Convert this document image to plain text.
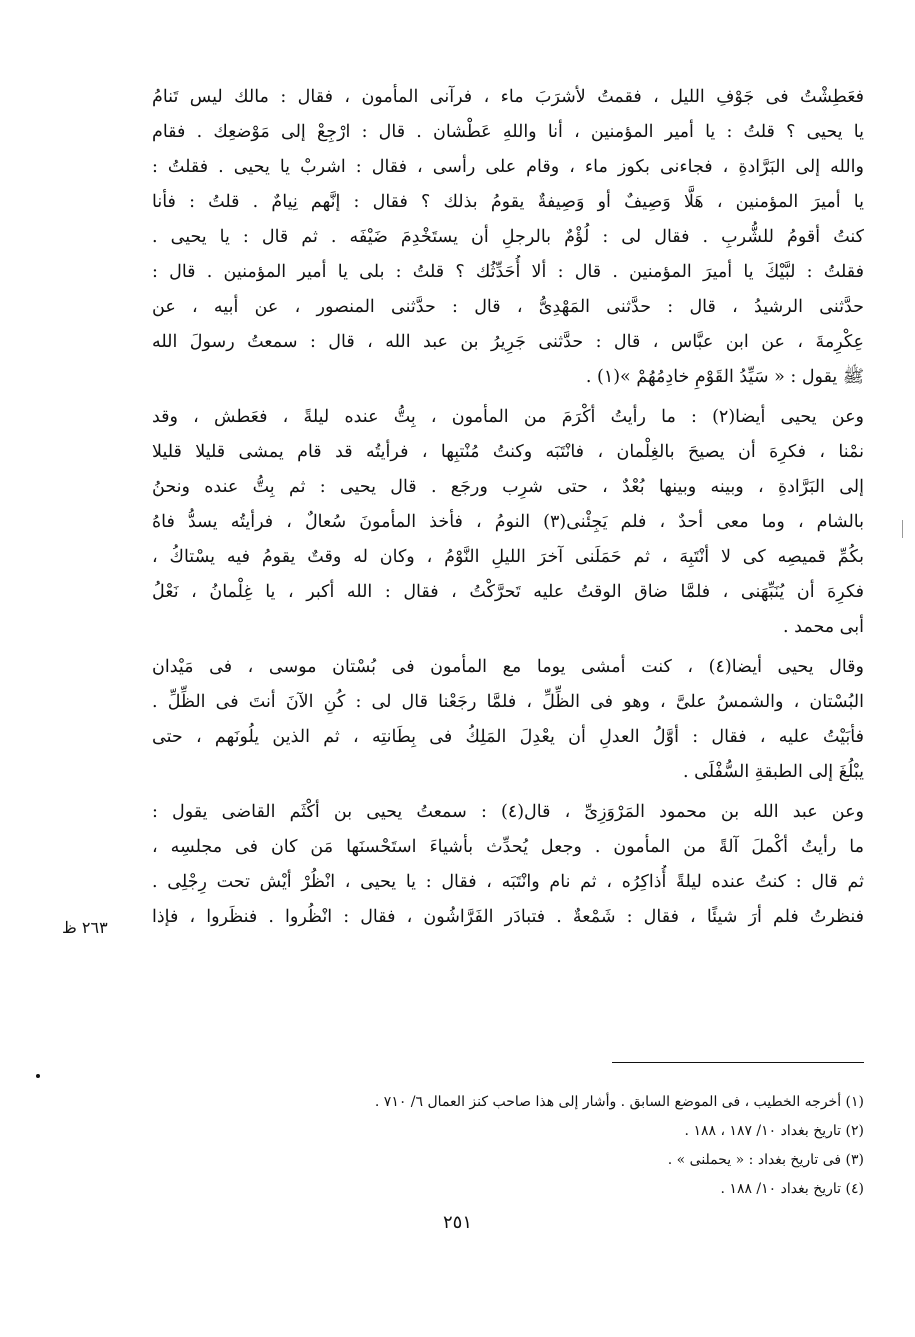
فعَطِشْتُ فى جَوْفِ الليل ، فقمتُ لأشرَبَ ماء ، فرآنى المأمون ، فقال : مالك ليس تَنامُ
يا يحيى ؟ قلتُ : يا أمير المؤمنين ، أنا واللهِ عَطْشان . قال : ارْجِعْ إلى مَوْضعِك . فقام
والله إلى البَرَّادةِ ، فجاءنى بكوز ماء ، وقام على رأسى ، فقال : اشربْ يا يحيى . فقلتُ :
يا أميرَ المؤمنين ، هَلَّا وَصِيفٌ أو وَصِيفةٌ يقومُ بذلك ؟ فقال : إنَّهم نِيامٌ . قلتُ : فأنا
كنتُ أقومُ للشُّربِ . فقال لى : لُؤْمٌ بالرجلِ أن يستَخْدِمَ ضَيْفَه . ثم قال : يا يحيى .
فقلتُ : لبَّيْكَ يا أميرَ المؤمنين . قال : ألا أُحَدِّثُك ؟ قلتُ : بلى يا أمير المؤمنين . قال :
حدَّثنى الرشيدُ ، قال : حدَّثنى المَهْدِىُّ ، قال : حدَّثنى المنصور ، عن أبيه ، عن
عِكْرِمةَ ، عن ابن عبَّاس ، قال : حدَّثنى جَرِيرُ بن عبد الله ، قال : سمعتُ رسولَ الله
ﷺ يقول : « سَيِّدُ القَوْمِ خادِمُهُمْ »(١) .
وعن يحيى أيضا(٢) : ما رأيتُ أكْرَمَ من المأمون ، بِتُّ عنده ليلةً ، فعَطش ، وقد
نمْنا ، فكرِهَ أن يصيحَ بالغِلْمان ، فانْتَبَه وكنتُ مُنْتبِها ، فرأيتُه قد قام يمشى قليلا قليلا
إلى البَرَّادةِ ، وبينه وبينها بُعْدٌ ، حتى شرِب ورجَع . قال يحيى : ثم بِتُّ عنده ونحنُ
بالشام ، وما معى أحدٌ ، فلم يَجِئْنى(٣) النومُ ، فأخذ المأمونَ سُعالٌ ، فرأيتُه يسدُّ فاهُ
بكُمِّ قميصِه كى لا أنْتَبِهَ ، ثم حَمَلَنى آخرَ الليلِ النَّوْمُ ، وكان له وقتٌ يقومُ فيه يسْتاكُ ،
فكرِهَ أن يُنَبِّهَنى ، فلمَّا ضاق الوقتُ عليه تَحرَّكْتُ ، فقال : الله أكبر ، يا غِلْمانُ ، نَعْلُ
أبى محمد .
وقال يحيى أيضا(٤) ، كنت أمشى يوما مع المأمون فى بُسْتان موسى ، فى مَيْدان
البُسْتان ، والشمسُ علىَّ ، وهو فى الظِّلِّ ، فلمَّا رجَعْنا قال لى : كُنِ الآنَ أنتَ فى الظِّلِّ .
فأبَيْتُ عليه ، فقال : أوَّلُ العدلِ أن يعْدِلَ المَلِكُ فى بِطَانتِه ، ثم الذين يلُونَهم ، حتى
يبْلُغَ إلى الطبقةِ السُّفْلَى .
وعن عبد الله بن محمود المَرْوَزِىِّ ، قال(٤) : سمعتُ يحيى بن أكْثَم القاضى يقول :
ما رأيتُ أكْملَ آلةً من المأمون . وجعل يُحدِّث بأشياءَ استَحْسنَها مَن كان فى مجلسِه ،
ثم قال : كنتُ عنده ليلةً أُذاكِرُه ، ثم نام وانْتَبَه ، فقال : يا يحيى ، انْظُرْ أيْش تحت رِجْلِى .
فنظرتُ فلم أرَ شيئًا ، فقال : شَمْعةٌ . فتبادَر الفَرَّاشُون ، فقال : انْظُروا . فنظَروا ، فإذا
٢٦٣ ظ
(١) أخرجه الخطيب ، فى الموضع السابق . وأشار إلى هذا صاحب كنز العمال ٦/ ٧١٠ .
(٢) تاريخ بغداد ١٠/ ١٨٧ ، ١٨٨ .
(٣) فى تاريخ بغداد : « يحملنى » .
(٤) تاريخ بغداد ١٠/ ١٨٨ .
٢٥١
